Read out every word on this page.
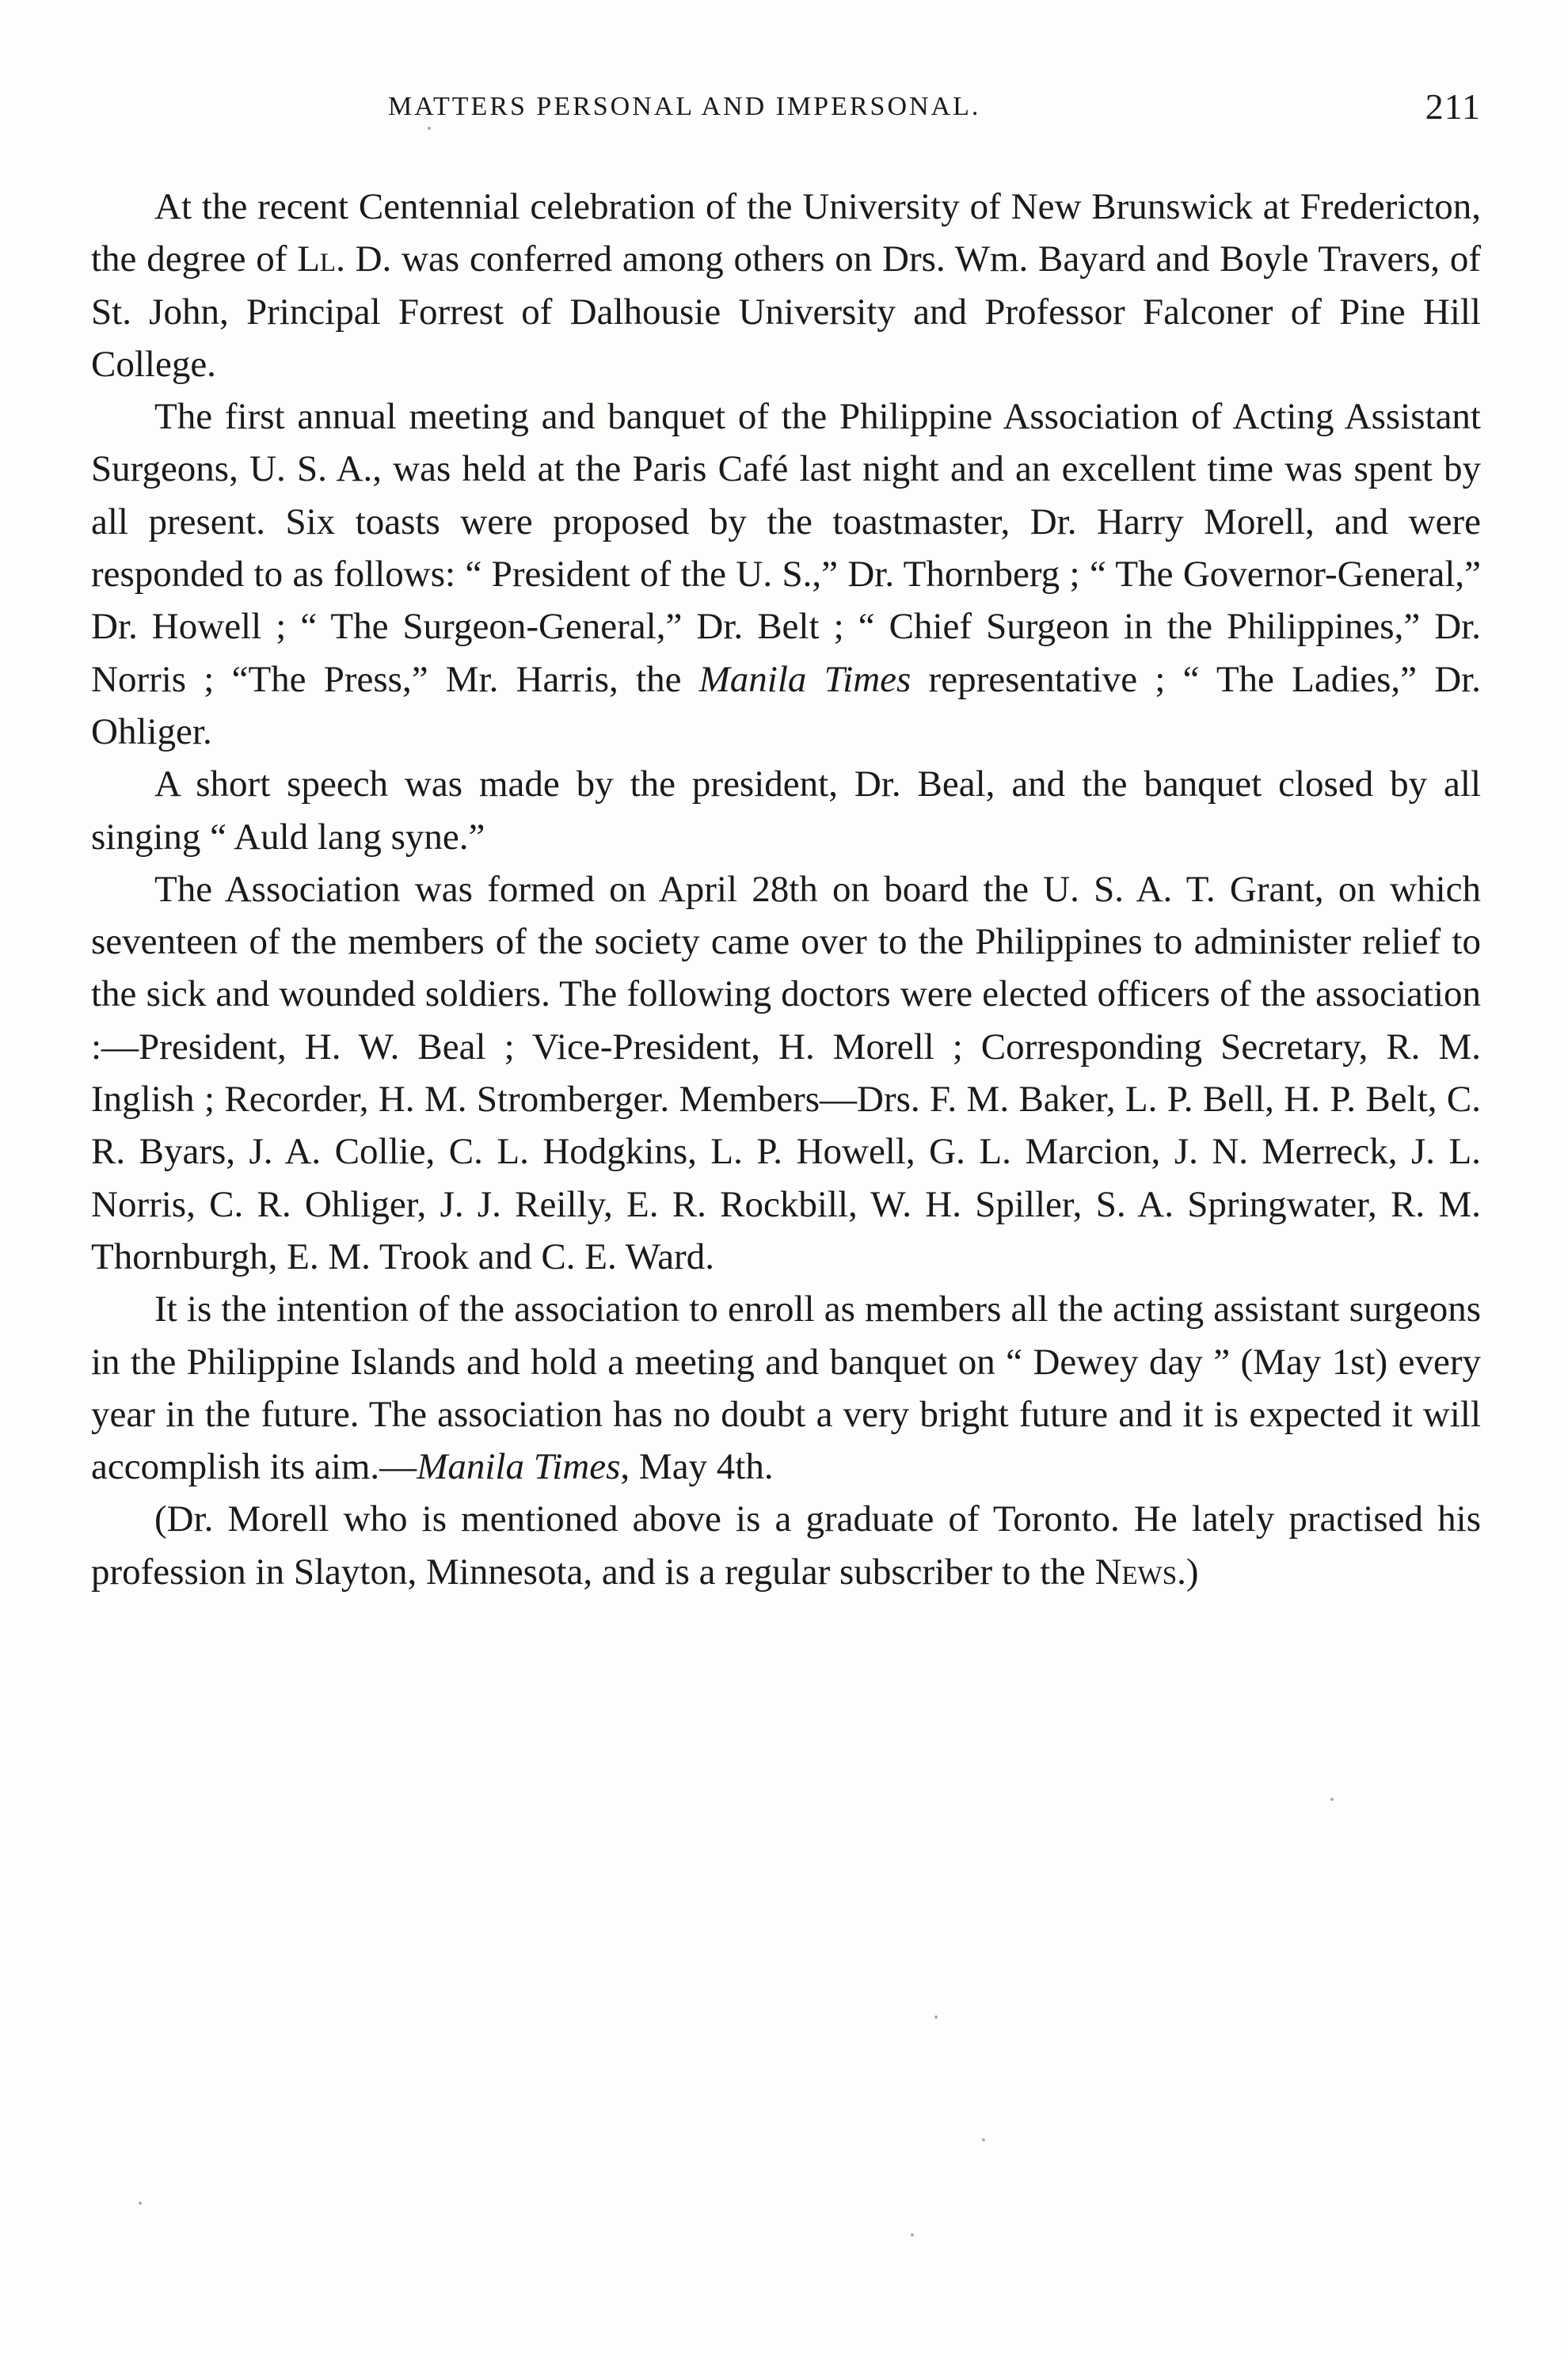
MATTERS PERSONAL AND IMPERSONAL.	211

At the recent Centennial celebration of the University of New Brunswick at Fredericton, the degree of Ll. D. was conferred among others on Drs. Wm. Bayard and Boyle Travers, of St. John, Principal Forrest of Dalhousie University and Professor Falconer of Pine Hill College.

The first annual meeting and banquet of the Philippine Association of Acting Assistant Surgeons, U. S. A., was held at the Paris Café last night and an excellent time was spent by all present. Six toasts were proposed by the toastmaster, Dr. Harry Morell, and were responded to as follows: “ President of the U. S.,” Dr. Thornberg ; “ The Governor-General,” Dr. Howell ; “ The Surgeon-General,” Dr. Belt ; “ Chief Surgeon in the Philippines,” Dr. Norris ; “The Press,” Mr. Harris, the Manila Times representative ; “ The Ladies,” Dr. Ohliger.

A short speech was made by the president, Dr. Beal, and the banquet closed by all singing “ Auld lang syne.”

The Association was formed on April 28th on board the U. S. A. T. Grant, on which seventeen of the members of the society came over to the Philippines to administer relief to the sick and wounded soldiers. The following doctors were elected officers of the association :—President, H. W. Beal ; Vice-President, H. Morell ; Corresponding Secretary, R. M. Inglish ; Recorder, H. M. Stromberger. Members—Drs. F. M. Baker, L. P. Bell, H. P. Belt, C. R. Byars, J. A. Collie, C. L. Hodgkins, L. P. Howell, G. L. Marcion, J. N. Merreck, J. L. Norris, C. R. Ohliger, J. J. Reilly, E. R. Rockbill, W. H. Spiller, S. A. Springwater, R. M. Thornburgh, E. M. Trook and C. E. Ward.

It is the intention of the association to enroll as members all the acting assistant surgeons in the Philippine Islands and hold a meeting and banquet on “ Dewey day ” (May 1st) every year in the future. The association has no doubt a very bright future and it is expected it will accomplish its aim.—Manila Times, May 4th.

(Dr. Morell who is mentioned above is a graduate of Toronto. He lately practised his profession in Slayton, Minnesota, and is a regular subscriber to the News.)
